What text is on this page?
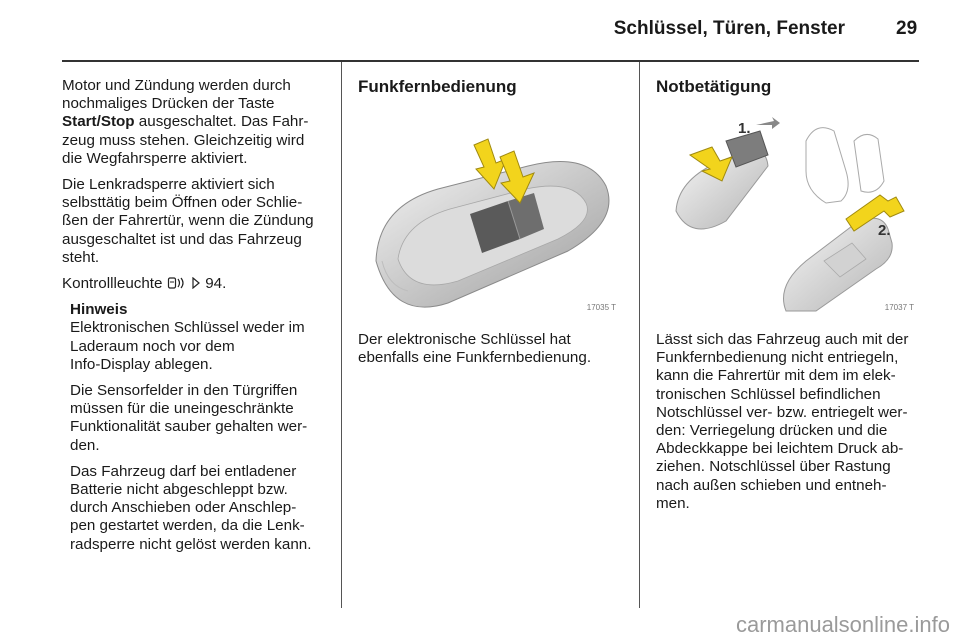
Schlüssel, Türen, Fenster	29

Motor und Zündung werden durch
nochmaliges Drücken der Taste
Start/Stop ausgeschaltet. Das Fahr-
zeug muss stehen. Gleichzeitig wird
die Wegfahrsperre aktiviert.

Die Lenkradsperre aktiviert sich
selbsttätig beim Öffnen oder Schlie-
ßen der Fahrertür, wenn die Zündung
ausgeschaltet ist und das Fahrzeug
steht.

Kontrollleuchte	94.

Hinweis

Elektronischen Schlüssel weder im
Laderaum noch vor dem
Info-Display ablegen.

Die Sensorfelder in den Türgriffen
müssen für die uneingeschränkte
Funktionalität sauber gehalten wer-
den.

Das Fahrzeug darf bei entladener
Batterie nicht abgeschleppt bzw.
durch Anschieben oder Anschlep-
pen gestartet werden, da die Lenk-
radsperre nicht gelöst werden kann.

Funkfernbedienung
17035 T

Der elektronische Schlüssel hat
ebenfalls eine Funkfernbedienung.

Notbetätigung
1.
2.
17037 T

Lässt sich das Fahrzeug auch mit der
Funkfernbedienung nicht entriegeln,
kann die Fahrertür mit dem im elek-
tronischen Schlüssel befindlichen
Notschlüssel ver- bzw. entriegelt wer-
den: Verriegelung drücken und die
Abdeckkappe bei leichtem Druck ab-
ziehen. Notschlüssel über Rastung
nach außen schieben und entneh-
men.

carmanualsonline.info
